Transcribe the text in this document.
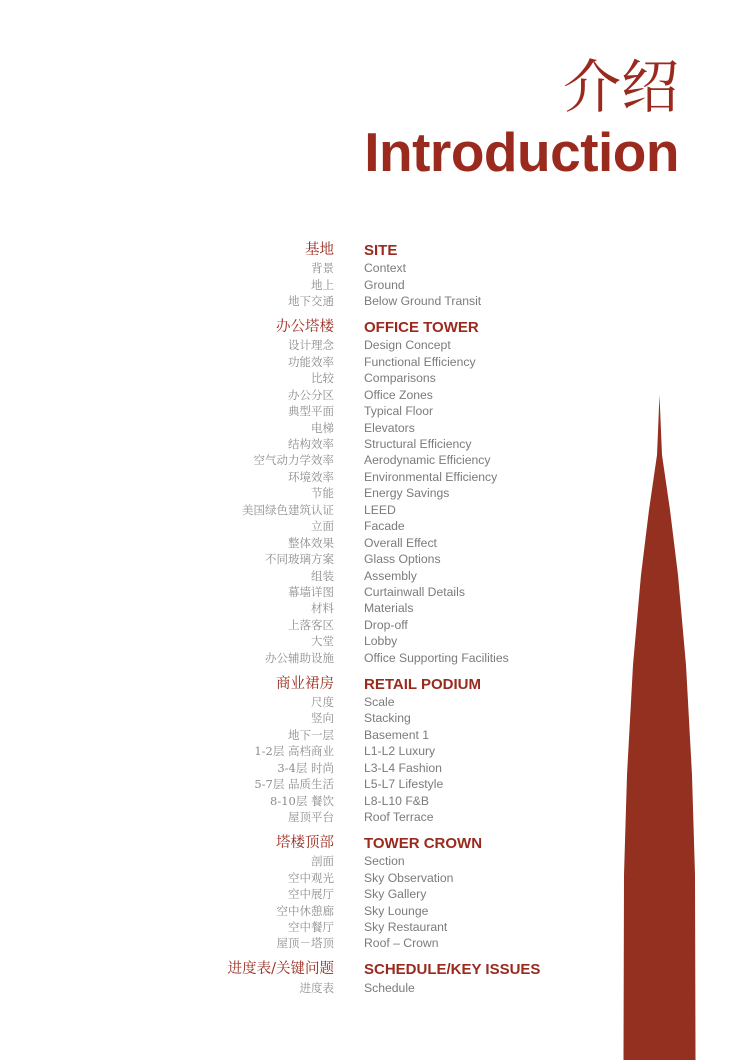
介绍
Introduction
基地 SITE
背景 Context
地上 Ground
地下交通 Below Ground Transit
办公塔楼 OFFICE TOWER
设计理念 Design Concept
功能效率 Functional Efficiency
比较 Comparisons
办公分区 Office Zones
典型平面 Typical Floor
电梯 Elevators
结构效率 Structural Efficiency
空气动力学效率 Aerodynamic Efficiency
环境效率 Environmental Efficiency
节能 Energy Savings
美国绿色建筑认证 LEED
立面 Facade
整体效果 Overall Effect
不同玻璃方案 Glass Options
组装 Assembly
幕墙详图 Curtainwall Details
材料 Materials
上落客区 Drop-off
大堂 Lobby
办公辅助设施 Office Supporting Facilities
商业裙房 RETAIL PODIUM
尺度 Scale
竖向 Stacking
地下一层 Basement 1
1-2层 高档商业 L1-L2 Luxury
3-4层 时尚 L3-L4 Fashion
5-7层 品质生活 L5-L7 Lifestyle
8-10层 餐饮 L8-L10 F&B
屋顶平台 Roof Terrace
塔楼顶部 TOWER CROWN
剖面 Section
空中观光 Sky Observation
空中展厅 Sky Gallery
空中休憩廊 Sky Lounge
空中餐厅 Sky Restaurant
屋顶－塔顶 Roof – Crown
进度表/关键问题 SCHEDULE/KEY ISSUES
进度表 Schedule
